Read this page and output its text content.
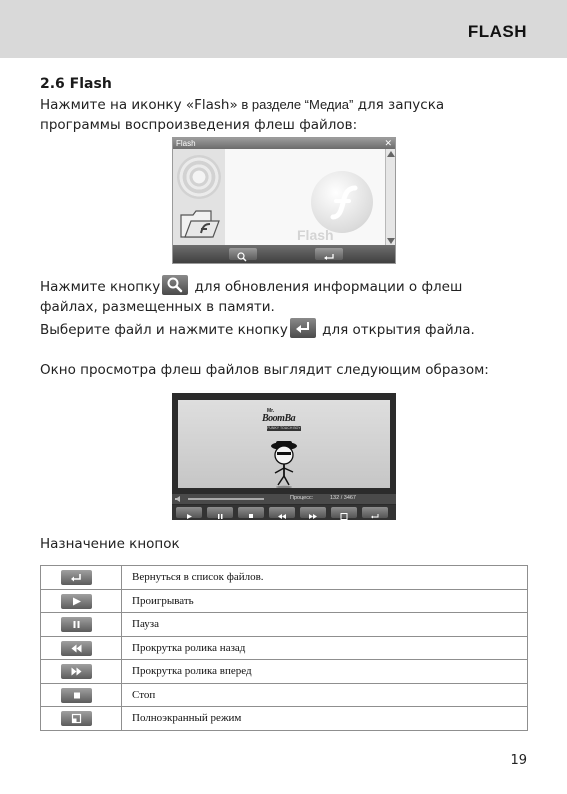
FLASH
2.6 Flash
Нажмите на иконку «Flash» в разделе “Медиа” для запуска
программы воспроизведения флеш файлов:
Flash	✕
Flash
Нажмите кнопку
для обновления информации о флеш
файлах, размещенных в памяти.
Выберите файл и нажмите кнопку
для открытия файла.
Окно просмотра флеш файлов выглядит следующим образом:
Mr.
BoomBa
FUNKY TOUCH BOY
Процесс:	132 / 3467
Назначение кнопок
	Вернуться в список файлов.

	Проигрывать

	Пауза

	Прокрутка ролика назад

	Прокрутка ролика вперед

	Стоп

	Полноэкранный режим
19
